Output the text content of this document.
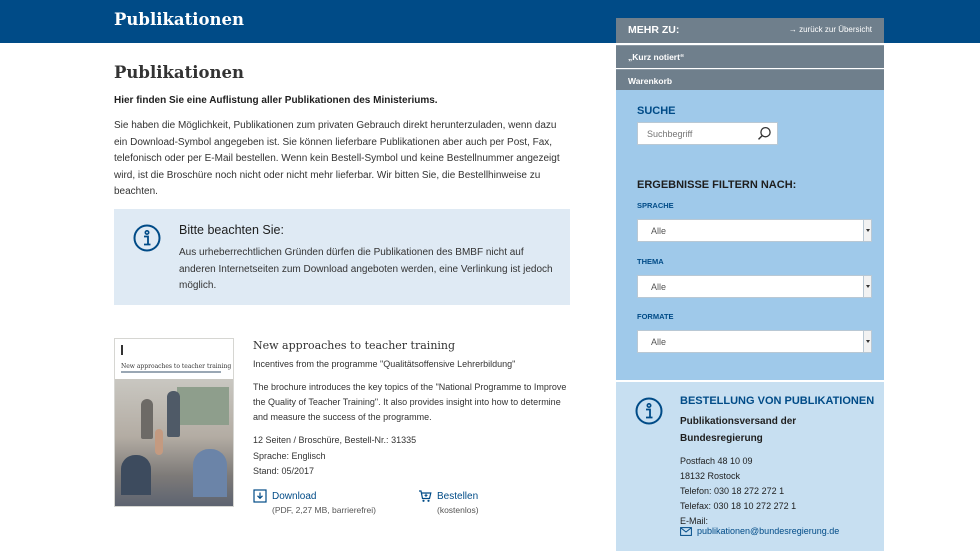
Publikationen
Publikationen

Hier finden Sie eine Auflistung aller Publikationen des Ministeriums.

Sie haben die Möglichkeit, Publikationen zum privaten Gebrauch direkt herunterzuladen, wenn dazu ein Download-Symbol angegeben ist. Sie können lieferbare Publikationen aber auch per Post, Fax, telefonisch oder per E-Mail bestellen. Wenn kein Bestell-Symbol und keine Bestellnummer angezeigt wird, ist die Broschüre noch nicht oder nicht mehr lieferbar. Wir bitten Sie, die Bestellhinweise zu beachten.

Bitte beachten Sie:
Aus urheberrechtlichen Gründen dürfen die Publikationen des BMBF nicht auf anderen Internetseiten zum Download angeboten werden, eine Verlinkung ist jedoch möglich.
New approaches to teacher training
New approaches to teacher training
Incentives from the programme "Qualitätsoffensive Lehrerbildung"
The brochure introduces the key topics of the "National Programme to Improve the Quality of Teacher Training". It also provides insight into how to determine and measure the success of the programme.
12 Seiten / Broschüre, Bestell-Nr.: 31335
Sprache: Englisch
Stand: 05/2017
Download
(PDF, 2,27 MB, barrierefrei)
Bestellen
(kostenlos)
MEHR ZU:	→ zurück zur Übersicht
„Kurz notiert“
Warenkorb
SUCHE
Suchbegriff
ERGEBNISSE FILTERN NACH:
SPRACHE
Alle
THEMA
Alle
FORMATE
Alle
BESTELLUNG VON PUBLIKATIONEN
Publikationsversand der Bundesregierung
Postfach 48 10 09
18132 Rostock
Telefon: 030 18 272 272 1
Telefax: 030 18 10 272 272 1
E-Mail:
publikationen@bundesregierung.de
